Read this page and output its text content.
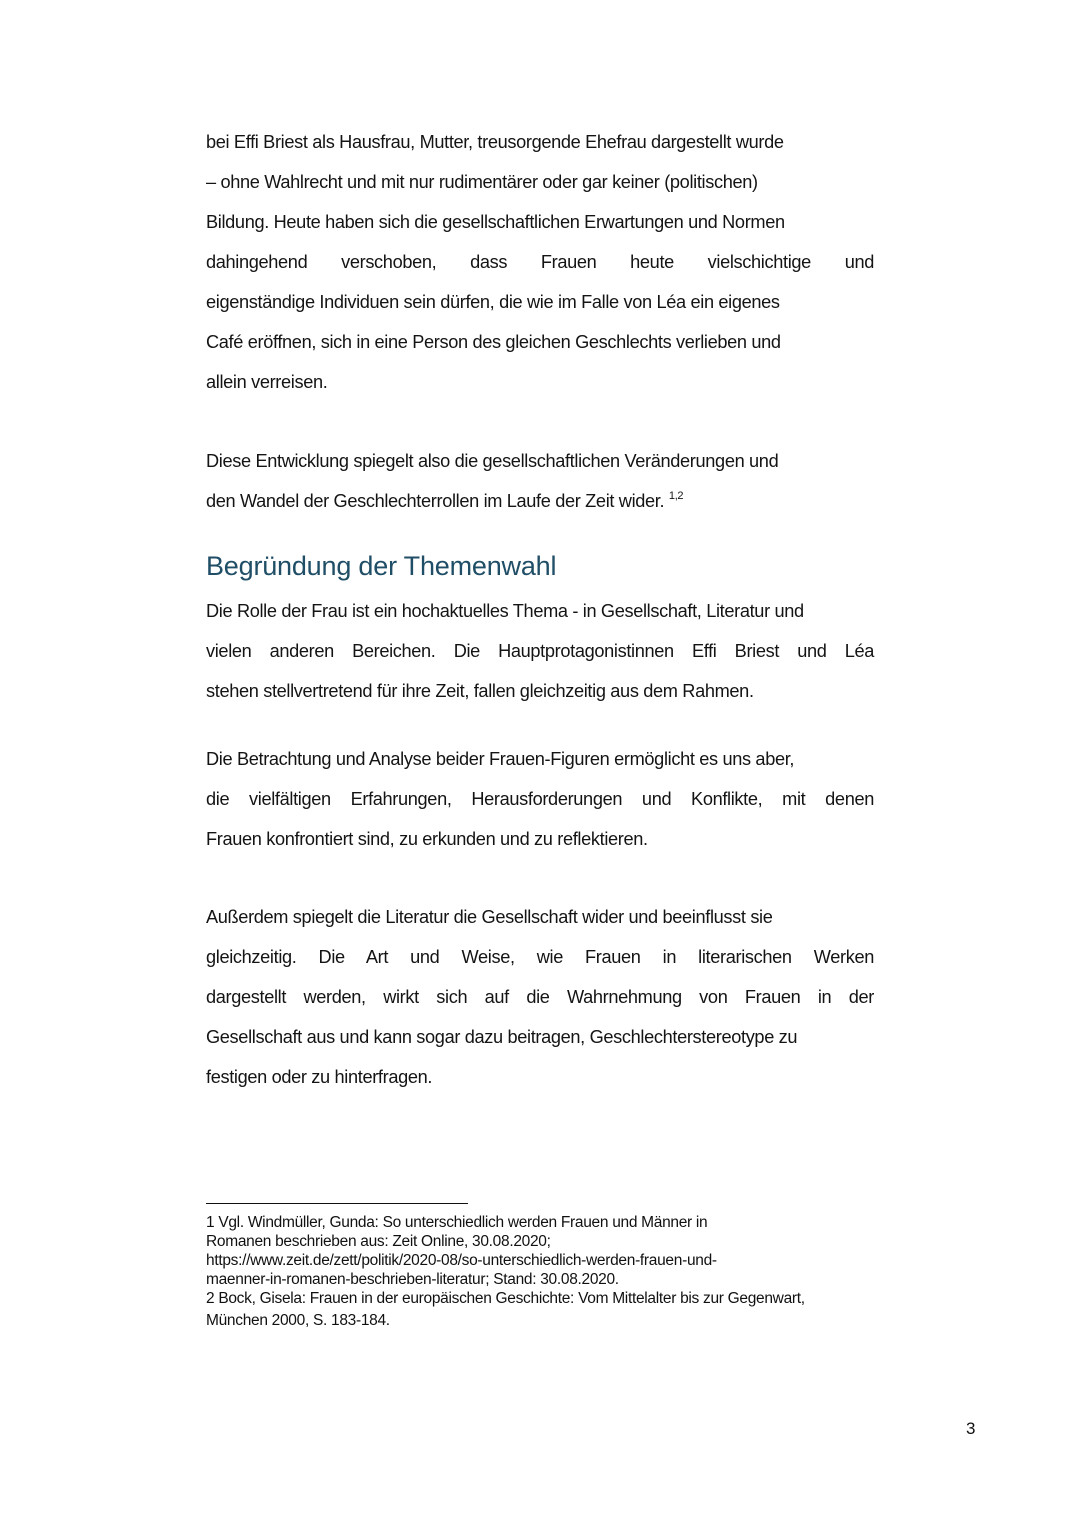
bei Effi Briest als Hausfrau, Mutter, treusorgende Ehefrau dargestellt wurde

– ohne Wahlrecht und mit nur rudimentärer oder gar keiner (politischen)

Bildung. Heute haben sich die gesellschaftlichen Erwartungen und Normen

dahingehend verschoben, dass Frauen heute vielschichtige und

eigenständige Individuen sein dürfen, die wie im Falle von Léa ein eigenes

Café eröffnen, sich in eine Person des gleichen Geschlechts verlieben und

allein verreisen.

Diese Entwicklung spiegelt also die gesellschaftlichen Veränderungen und

den Wandel der Geschlechterrollen im Laufe der Zeit wider. $^{1,2}$

Begründung der Themenwahl

Die Rolle der Frau ist ein hochaktuelles Thema - in Gesellschaft, Literatur und

vielen anderen Bereichen. Die Hauptprotagonistinnen Effi Briest und Léa

stehen stellvertretend für ihre Zeit, fallen gleichzeitig aus dem Rahmen.

Die Betrachtung und Analyse beider Frauen-Figuren ermöglicht es uns aber,

die vielfältigen Erfahrungen, Herausforderungen und Konflikte, mit denen

Frauen konfrontiert sind, zu erkunden und zu reflektieren.

Außerdem spiegelt die Literatur die Gesellschaft wider und beeinflusst sie

gleichzeitig. Die Art und Weise, wie Frauen in literarischen Werken

dargestellt werden, wirkt sich auf die Wahrnehmung von Frauen in der

Gesellschaft aus und kann sogar dazu beitragen, Geschlechterstereotype zu

festigen oder zu hinterfragen.

1 Vgl. Windmüller, Gunda: So unterschiedlich werden Frauen und Männer in
Romanen beschrieben aus: Zeit Online, 30.08.2020;
https://www.zeit.de/zett/politik/2020-08/so-unterschiedlich-werden-frauen-und-
maenner-in-romanen-beschrieben-literatur; Stand: 30.08.2020.
2 Bock, Gisela: Frauen in der europäischen Geschichte: Vom Mittelalter bis zur Gegenwart,
München 2000, S. 183-184.
3
